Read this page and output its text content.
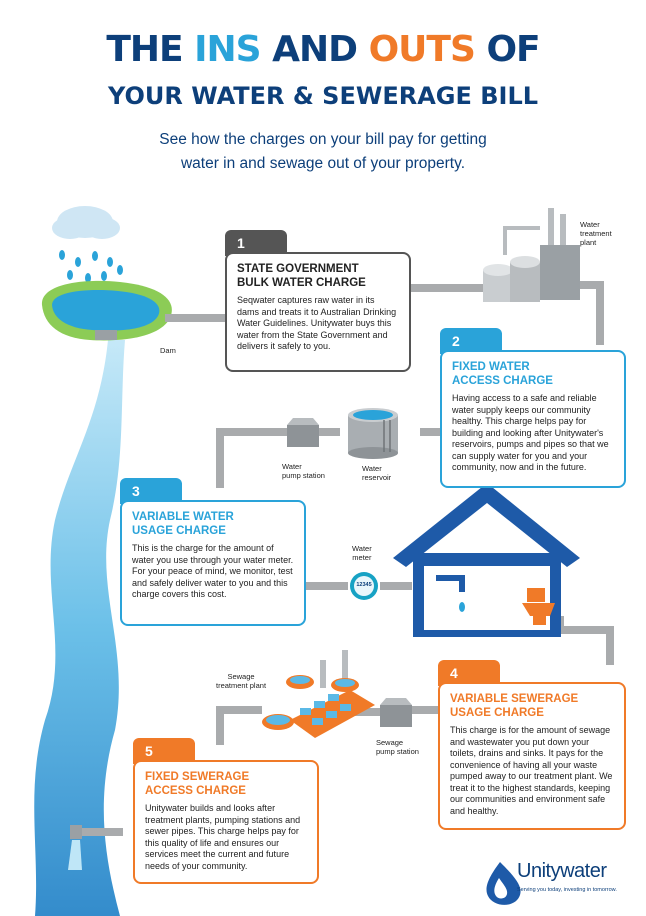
THE INS AND OUTS OF
YOUR WATER & SEWERAGE BILL
See how the charges on your bill pay for getting
water in and sewage out of your property.
1
STATE GOVERNMENT
BULK WATER CHARGE
Seqwater captures raw water in its dams and treats it to Australian Drinking Water Guidelines. Unitywater buys this water from the State Government and delivers it safely to you.	2
FIXED WATER
ACCESS CHARGE
Having access to a safe and reliable water supply keeps our community healthy. This charge helps pay for building and looking after Unitywater's reservoirs, pumps and pipes so that we can supply water for you and your community, now and in the future.
3
VARIABLE WATER
USAGE CHARGE
This is the charge for the amount of water you use through your water meter. For your peace of mind, we monitor, test and safely deliver water to you and this charge covers this cost.
4
VARIABLE SEWERAGE
USAGE CHARGE
This charge is for the amount of sewage and wastewater you put down your toilets, drains and sinks. It pays for the convenience of having all your waste pumped away to our treatment plant. We treat it to the highest standards, keeping our communities and environment safe and healthy.
5
FIXED SEWERAGE
ACCESS CHARGE
Unitywater builds and looks after treatment plants, pumping stations and sewer pipes. This charge helps pay for this quality of life and ensures our services meet the current and future needs of your community.
Dam
Water
treatment
plant
Water
pump station
Water
reservoir
Water
meter
12345
Sewage
treatment plant
Sewage
pump station
Unitywater
Serving you today, investing in tomorrow.
